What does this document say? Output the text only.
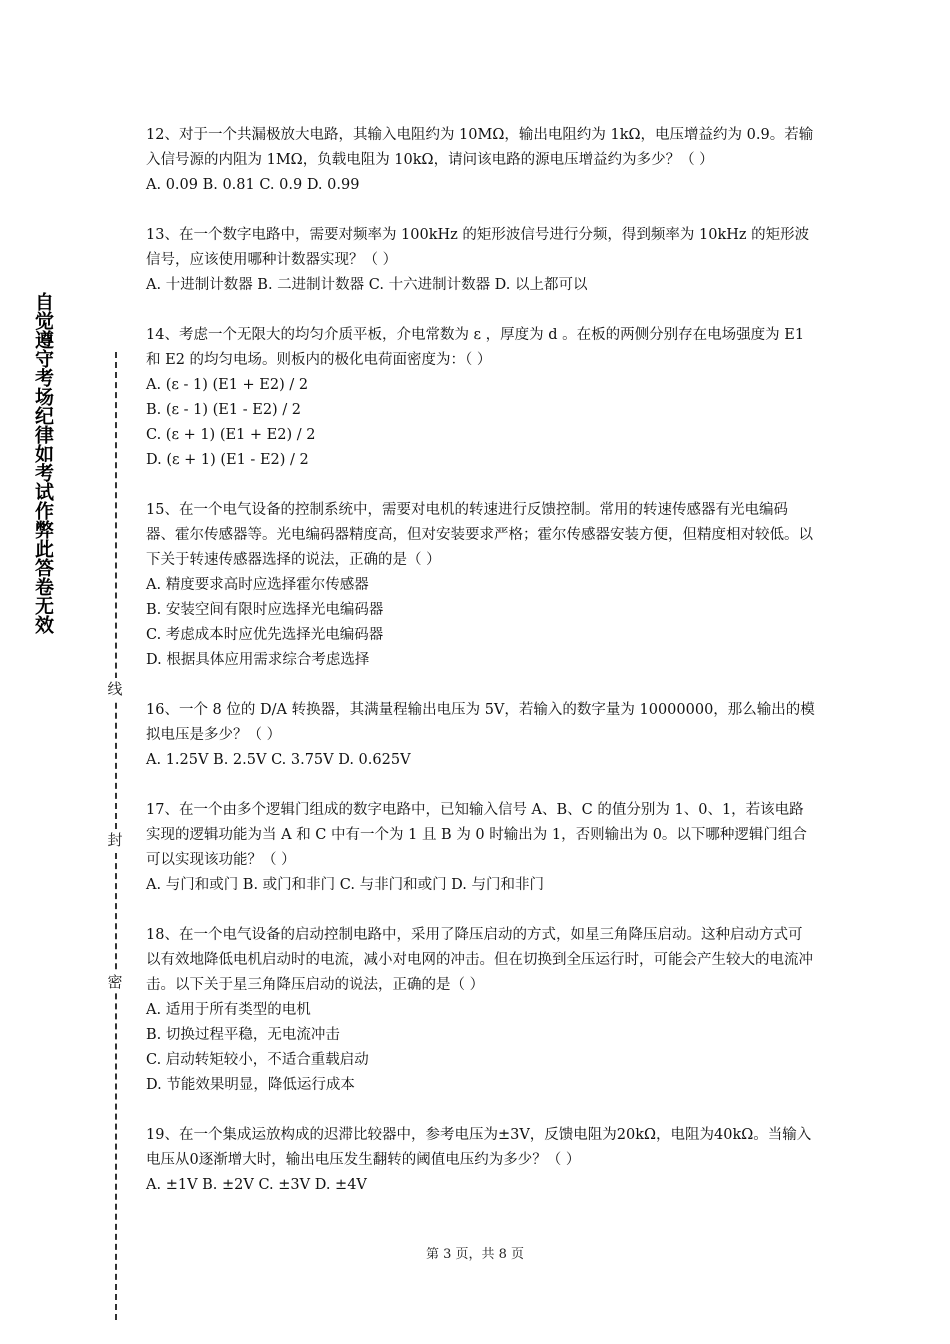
自觉遵守考场纪律如考试作弊此答卷无效
线
封
密

12、对于一个共漏极放大电路，其输入电阻约为 10MΩ，输出电阻约为 1kΩ，电压增益约为 0.9。若输入信号源的内阻为 1MΩ，负载电阻为 10kΩ，请问该电路的源电压增益约为多少？（ ）

A. 0.09 B. 0.81 C. 0.9 D. 0.99

13、在一个数字电路中，需要对频率为 100kHz 的矩形波信号进行分频，得到频率为 10kHz 的矩形波信号，应该使用哪种计数器实现？（ ）

A. 十进制计数器 B. 二进制计数器 C. 十六进制计数器 D. 以上都可以

14、考虑一个无限大的均匀介质平板，介电常数为 ε ，厚度为 d 。在板的两侧分别存在电场强度为 E1 和 E2 的均匀电场。则板内的极化电荷面密度为：（ ）

A. (ε - 1) (E1 + E2) / 2

B. (ε - 1) (E1 - E2) / 2

C. (ε + 1) (E1 + E2) / 2

D. (ε + 1) (E1 - E2) / 2

15、在一个电气设备的控制系统中，需要对电机的转速进行反馈控制。常用的转速传感器有光电编码器、霍尔传感器等。光电编码器精度高，但对安装要求严格；霍尔传感器安装方便，但精度相对较低。以下关于转速传感器选择的说法，正确的是（ ）

A. 精度要求高时应选择霍尔传感器

B. 安装空间有限时应选择光电编码器

C. 考虑成本时应优先选择光电编码器

D. 根据具体应用需求综合考虑选择

16、一个 8 位的 D/A 转换器，其满量程输出电压为 5V，若输入的数字量为 10000000，那么输出的模拟电压是多少？（ ）

A. 1.25V B. 2.5V C. 3.75V D. 0.625V

17、在一个由多个逻辑门组成的数字电路中，已知输入信号 A、B、C 的值分别为 1、0、1，若该电路实现的逻辑功能为当 A 和 C 中有一个为 1 且 B 为 0 时输出为 1，否则输出为 0。以下哪种逻辑门组合可以实现该功能？（ ）

A. 与门和或门 B. 或门和非门 C. 与非门和或门 D. 与门和非门

18、在一个电气设备的启动控制电路中，采用了降压启动的方式，如星三角降压启动。这种启动方式可以有效地降低电机启动时的电流，减小对电网的冲击。但在切换到全压运行时，可能会产生较大的电流冲击。以下关于星三角降压启动的说法，正确的是（ ）

A. 适用于所有类型的电机

B. 切换过程平稳，无电流冲击

C. 启动转矩较小，不适合重载启动

D. 节能效果明显，降低运行成本

19、在一个集成运放构成的迟滞比较器中，参考电压为±3V，反馈电阻为20kΩ，电阻为40kΩ。当输入电压从0逐渐增大时，输出电压发生翻转的阈值电压约为多少？（ ）

A. ±1V B. ±2V C. ±3V D. ±4V

第 3 页，共 8 页
